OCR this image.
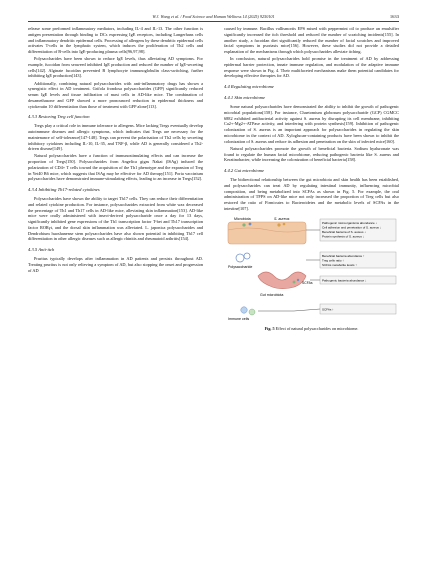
W.J. Wang et al. / Food Science and Human Wellness 14 (2025) 9250101	1633

release some preformed inflammatory mediators, including IL-4 and IL-13. The other function is antigen presentation through binding to DCs expressing IgE receptors, including Langerhans cells and inflammatory dendritic epidermal cells. Processing of allergens by these dendritic epidermal cells activates T-cells in the lymphatic system, which induces the proliferation of Th2 cells and differentiation of B-cells into IgE-producing plasma cells[96,97,98].

Polysaccharides have been shown to reduce IgE levels, thus alleviating AD symptoms. For example, fucoidan from seaweed inhibited IgE production and reduced the number of IgE-secreting cells[142]. Alginate fucoidan prevented B lymphocyte immunoglobulin class-switching, further inhibiting IgE production[143].

Additionally, combining natural polysaccharides with anti-inflammatory drugs has shown a synergistic effect in AD treatment. Grifola frondosa polysaccharides (GFP) significantly reduced serum IgE levels and tissue infiltration of mast cells in AD-like mice. The combination of dexamethasone and GFP showed a more pronounced reduction in epidermal thickness and cytokeratin 10 differentiation than those of treatment with GFP alone[113].

4.3.3 Restoring Treg cell function

Tregs play a critical role in immune tolerance to allergens. Mice lacking Tregs eventually develop autoimmune diseases and allergic symptoms, which indicates that Tregs are necessary for the maintenance of self-tolerance[147-148]. Tregs can prevent the polarisation of Th2 cells by secreting inhibitory cytokines including IL-10, IL-35, and TNF-β, while AD is generally considered a Th2-driven disease[149].

Natural polysaccharides have a function of immunostimulating effects and can increase the proportion of Tregs[150]. Polysaccharides from Angelica gigas Nakai (ISAg) induced the polarization of CD4+ T cells toward the acquisition of the Th1 phenotype and the expansion of Treg in Yet40 B6 mice, which suggests that ISAg may be effective for AD therapy[151]. Poria vaccinium polysaccharides have demonstrated immune-stimulating effects, leading to an increase in Tregs[152].

4.3.4 Inhibiting Th17-related cytokines

Polysaccharides have shown the ability to target Th17 cells. They can reduce their differentiation and related cytokine production. For instance, polysaccharides extracted from white wax decreased the percentage of Th1 and Th17 cells in AD-like mice, alleviating skin inflammation[153]. AD-like mice were orally administered with insect-derived polysaccharide once a day for 13 days, significantly inhibited gene expressions of the Th1 transcription factor T-bet and Th17 transcription factor RORγt, and the dorsal skin inflammation was alleviated. L. japonica polysaccharides and Dendrobium huoshanense stem polysaccharides have also shown potential in inhibiting Th17 cell differentiation in other allergic diseases such as allergic rhinitis and rheumatoid arthritis[154].

4.3.5 Anti-itch

Pruritus typically develops after inflammation in AD patients and persists throughout AD. Treating pruritus is not only relieving a symptom of AD, but also stopping the onset and progression of AD

caused by immune. Bacillus vallismortis EPS mixed with peppermint oil to produce an emulsifier significantly increased the itch threshold and reduced the number of scratching incidents[155]. In another study, a fucoidan diet significantly reduced the number of facial scratches and improved facial symptoms in psoriasis mice[156]. However, these studies did not provide a detailed explanation of the mechanisms through which polysaccharides alleviate itching.

In conclusion, natural polysaccharides hold promise in the treatment of AD by addressing epidermal barrier protection, innate immune regulation, and modulation of the adaptive immune response were shown in Fig. 4. Their multifaceted mechanisms make them potential candidates for developing effective therapies for AD.

4.4 Regulating microbiome
4.4.1 Skin microbiome

Some natural polysaccharides have demonstrated the ability to inhibit the growth of pathogenic microbial populations[158]. For instance, Chaetomium globosum polysaccharide (GCP) CGMCC 6882 exhibited antibacterial activity against S. aureus by disrupting its cell membrane, inhibiting Ca2+-Mg2+-ATPase activity, and interfering with protein synthesis[159]. Inhibition of pathogenic colonization of S. aureus is an important approach for polysaccharides in regulating the skin microbiome in the context of AD. Xyloglucan-containing products have been shown to inhibit the colonization of S. aureus and reduce its adhesion and penetration on the skin of infected mice[160].

Natural polysaccharides promote the growth of beneficial bacteria. Sodium hyaluronate was found to regulate the human facial microbiome, reducing pathogenic bacteria like S. aureus and Keratinobacter, while increasing the colonization of beneficial bacteria[158].

4.4.2 Gut microbiome

The bidirectional relationship between the gut microbiota and skin health has been established, and polysaccharides can treat AD by regulating intestinal immunity, influencing microbial composition, and being metabolized into SCFAs as shown in Fig. 5. For example, the oral administration of TFPS on AD-like mice not only increased the proportion of Treg cells but also restored the ratio of Firmicutes to Bacteroidetes and the metabolic levels of SCFAs in the intestine[107].

Microbiota	S. aureus
Pathogenic microorganisms abundance ↓
Cell adhesion and penetration of S. aureus ↓
Beneficial bacteria of S. aureus ↓
Protein synthesis of S. aureus ↓
Polysaccharide
Gut microbiota
SCFAs
Beneficial bacteria abundance ↑
Treg cells ratio ↑
SCFAs metabolite levels ↑
Pathogenic bacteria abundance ↓
Immune cells
SCFAs ↑
Fig. 5 Effect of natural polysaccharides on microbiome.
